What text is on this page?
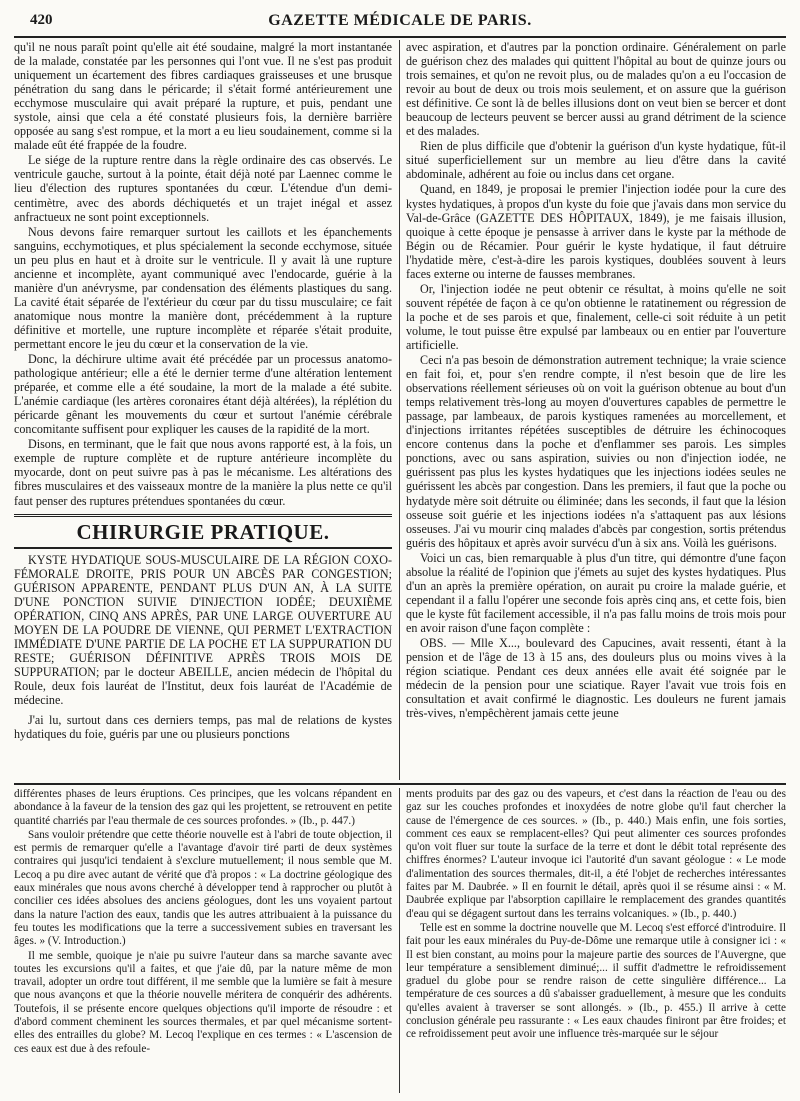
420	GAZETTE MÉDICALE DE PARIS.

qu'il ne nous paraît point qu'elle ait été soudaine, malgré la mort instantanée de la malade, constatée par les personnes qui l'ont vue. Il ne s'est pas produit uniquement un écartement des fibres cardiaques graisseuses et une brusque pénétration du sang dans le péricarde; il s'était formé antérieurement une ecchymose musculaire qui avait préparé la rupture, et puis, pendant une systole, ainsi que cela a été constaté plusieurs fois, la dernière barrière opposée au sang s'est rompue, et la mort a eu lieu soudainement, comme si la malade eût été frappée de la foudre.

Le siége de la rupture rentre dans la règle ordinaire des cas observés. Le ventricule gauche, surtout à la pointe, était déjà noté par Laennec comme le lieu d'élection des ruptures spontanées du cœur. L'étendue d'un demi-centimètre, avec des abords déchiquetés et un trajet inégal et assez anfractueux ne sont point exceptionnels.

Nous devons faire remarquer surtout les caillots et les épanchements sanguins, ecchymotiques, et plus spécialement la seconde ecchymose, située un peu plus en haut et à droite sur le ventricule. Il y avait là une rupture ancienne et incomplète, ayant communiqué avec l'endocarde, guérie à la manière d'un anévrysme, par condensation des éléments plastiques du sang. La cavité était séparée de l'extérieur du cœur par du tissu musculaire; ce fait anatomique nous montre la manière dont, précédemment à la rupture définitive et mortelle, une rupture incomplète et réparée s'était produite, permettant encore le jeu du cœur et la conservation de la vie.

Donc, la déchirure ultime avait été précédée par un processus anatomo-pathologique antérieur; elle a été le dernier terme d'une altération lentement préparée, et comme elle a été soudaine, la mort de la malade a été subite. L'anémie cardiaque (les artères coronaires étant déjà altérées), la réplétion du péricarde gênant les mouvements du cœur et surtout l'anémie cérébrale concomitante suffisent pour expliquer les causes de la rapidité de la mort.

Disons, en terminant, que le fait que nous avons rapporté est, à la fois, un exemple de rupture complète et de rupture antérieure incomplète du myocarde, dont on peut suivre pas à pas le mécanisme. Les altérations des fibres musculaires et des vaisseaux montre de la manière la plus nette ce qu'il faut penser des ruptures prétendues spontanées du cœur.

CHIRURGIE PRATIQUE.

KYSTE HYDATIQUE SOUS-MUSCULAIRE DE LA RÉGION COXO-FÉMORALE DROITE, PRIS POUR UN ABCÈS PAR CONGESTION; GUÉRISON APPARENTE, PENDANT PLUS D'UN AN, À LA SUITE D'UNE PONCTION SUIVIE D'INJECTION IODÉE; DEUXIÈME OPÉRATION, CINQ ANS APRÈS, PAR UNE LARGE OUVERTURE AU MOYEN DE LA POUDRE DE VIENNE, QUI PERMET L'EXTRACTION IMMÉDIATE D'UNE PARTIE DE LA POCHE ET LA SUPPURATION DU RESTE; GUÉRISON DÉFINITIVE APRÈS TROIS MOIS DE SUPPURATION; par le docteur ABEILLE, ancien médecin de l'hôpital du Roule, deux fois lauréat de l'Institut, deux fois lauréat de l'Académie de médecine.

J'ai lu, surtout dans ces derniers temps, pas mal de relations de kystes hydatiques du foie, guéris par une ou plusieurs ponctions

avec aspiration, et d'autres par la ponction ordinaire. Généralement on parle de guérison chez des malades qui quittent l'hôpital au bout de quinze jours ou trois semaines, et qu'on ne revoit plus, ou de malades qu'on a eu l'occasion de revoir au bout de deux ou trois mois seulement, et on assure que la guérison est définitive. Ce sont là de belles illusions dont on veut bien se bercer et dont beaucoup de lecteurs peuvent se bercer aussi au grand détriment de la science et des malades.

Rien de plus difficile que d'obtenir la guérison d'un kyste hydatique, fût-il situé superficiellement sur un membre au lieu d'être dans la cavité abdominale, adhérent au foie ou inclus dans cet organe.

Quand, en 1849, je proposai le premier l'injection iodée pour la cure des kystes hydatiques, à propos d'un kyste du foie que j'avais dans mon service du Val-de-Grâce (GAZETTE DES HÔPITAUX, 1849), je me faisais illusion, quoique à cette époque je pensasse à arriver dans le kyste par la méthode de Bégin ou de Récamier. Pour guérir le kyste hydatique, il faut détruire l'hydatide mère, c'est-à-dire les parois kystiques, doublées souvent à leurs faces externe ou interne de fausses membranes.

Or, l'injection iodée ne peut obtenir ce résultat, à moins qu'elle ne soit souvent répétée de façon à ce qu'on obtienne le ratatinement ou régression de la poche et de ses parois et que, finalement, celle-ci soit réduite à un petit volume, le tout puisse être expulsé par lambeaux ou en entier par l'ouverture artificielle.

Ceci n'a pas besoin de démonstration autrement technique; la vraie science en fait foi, et, pour s'en rendre compte, il n'est besoin que de lire les observations réellement sérieuses où on voit la guérison obtenue au bout d'un temps relativement très-long au moyen d'ouvertures capables de permettre le passage, par lambeaux, de parois kystiques ramenées au morcellement, et d'injections irritantes répétées susceptibles de détruire les échinocoques encore contenus dans la poche et d'enflammer ses parois. Les simples ponctions, avec ou sans aspiration, suivies ou non d'injection iodée, ne guérissent pas plus les kystes hydatiques que les injections iodées seules ne guérissent les abcès par congestion. Dans les premiers, il faut que la poche ou hydatyde mère soit détruite ou éliminée; dans les seconds, il faut que la lésion osseuse soit guérie et les injections iodées n'a s'attaquent pas aux lésions osseuses. J'ai vu mourir cinq malades d'abcès par congestion, sortis prétendus guéris des hôpitaux et après avoir survécu d'un à six ans. Voilà les guérisons.

Voici un cas, bien remarquable à plus d'un titre, qui démontre d'une façon absolue la réalité de l'opinion que j'émets au sujet des kystes hydatiques. Plus d'un an après la première opération, on aurait pu croire la malade guérie, et cependant il a fallu l'opérer une seconde fois après cinq ans, et cette fois, bien que le kyste fût facilement accessible, il n'a pas fallu moins de trois mois pour en avoir raison d'une façon complète :

OBS. — Mlle X..., boulevard des Capucines, avait ressenti, étant à la pension et de l'âge de 13 à 15 ans, des douleurs plus ou moins vives à la région sciatique. Pendant ces deux années elle avait été soignée par le médecin de la pension pour une sciatique. Rayer l'avait vue trois fois en consultation et avait confirmé le diagnostic. Les douleurs ne furent jamais très-vives, n'empêchèrent jamais cette jeune

différentes phases de leurs éruptions. Ces principes, que les volcans répandent en abondance à la faveur de la tension des gaz qui les projettent, se retrouvent en petite quantité charriés par l'eau thermale de ces sources profondes. » (Ib., p. 447.)

Sans vouloir prétendre que cette théorie nouvelle est à l'abri de toute objection, il est permis de remarquer qu'elle a l'avantage d'avoir tiré parti de deux systèmes contraires qui jusqu'ici tendaient à s'exclure mutuellement; il nous semble que M. Lecoq a pu dire avec autant de vérité que d'à propos : « La doctrine géologique des eaux minérales que nous avons cherché à développer tend à rapprocher ou plutôt à concilier ces idées absolues des anciens géologues, dont les uns voyaient partout dans la nature l'action des eaux, tandis que les autres attribuaient à la puissance du feu toutes les modifications que la terre a successivement subies en traversant les âges. » (V. Introduction.)

Il me semble, quoique je n'aie pu suivre l'auteur dans sa marche savante avec toutes les excursions qu'il a faites, et que j'aie dû, par la nature même de mon travail, adopter un ordre tout différent, il me semble que la lumière se fait à mesure que nous avançons et que la théorie nouvelle méritera de conquérir des adhérents. Toutefois, il se présente encore quelques objections qu'il importe de résoudre : et d'abord comment cheminent les sources thermales, et par quel mécanisme sortent-elles des entrailles du globe? M. Lecoq l'explique en ces termes : « L'ascension de ces eaux est due à des refoule-

ments produits par des gaz ou des vapeurs, et c'est dans la réaction de l'eau ou des gaz sur les couches profondes et inoxydées de notre globe qu'il faut chercher la cause de l'émergence de ces sources. » (Ib., p. 440.) Mais enfin, une fois sorties, comment ces eaux se remplacent-elles? Qui peut alimenter ces sources profondes qu'on voit fluer sur toute la surface de la terre et dont le débit total représente des chiffres énormes? L'auteur invoque ici l'autorité d'un savant géologue : « Le mode d'alimentation des sources thermales, dit-il, a été l'objet de recherches intéressantes faites par M. Daubrée. » Il en fournit le détail, après quoi il se résume ainsi : « M. Daubrée explique par l'absorption capillaire le remplacement des grandes quantités d'eau qui se dégagent surtout dans les terrains volcaniques. » (Ib., p. 440.)

Telle est en somme la doctrine nouvelle que M. Lecoq s'est efforcé d'introduire. Il fait pour les eaux minérales du Puy-de-Dôme une remarque utile à consigner ici : « Il est bien constant, au moins pour la majeure partie des sources de l'Auvergne, que leur température a sensiblement diminué;... il suffit d'admettre le refroidissement graduel du globe pour se rendre raison de cette singulière différence... La température de ces sources a dû s'abaisser graduellement, à mesure que les conduits qu'elles avaient à traverser se sont allongés. » (Ib., p. 455.) Il arrive à cette conclusion générale peu rassurante : « Les eaux chaudes finiront par être froides; et ce refroidissement peut avoir une influence très-marquée sur le séjour
